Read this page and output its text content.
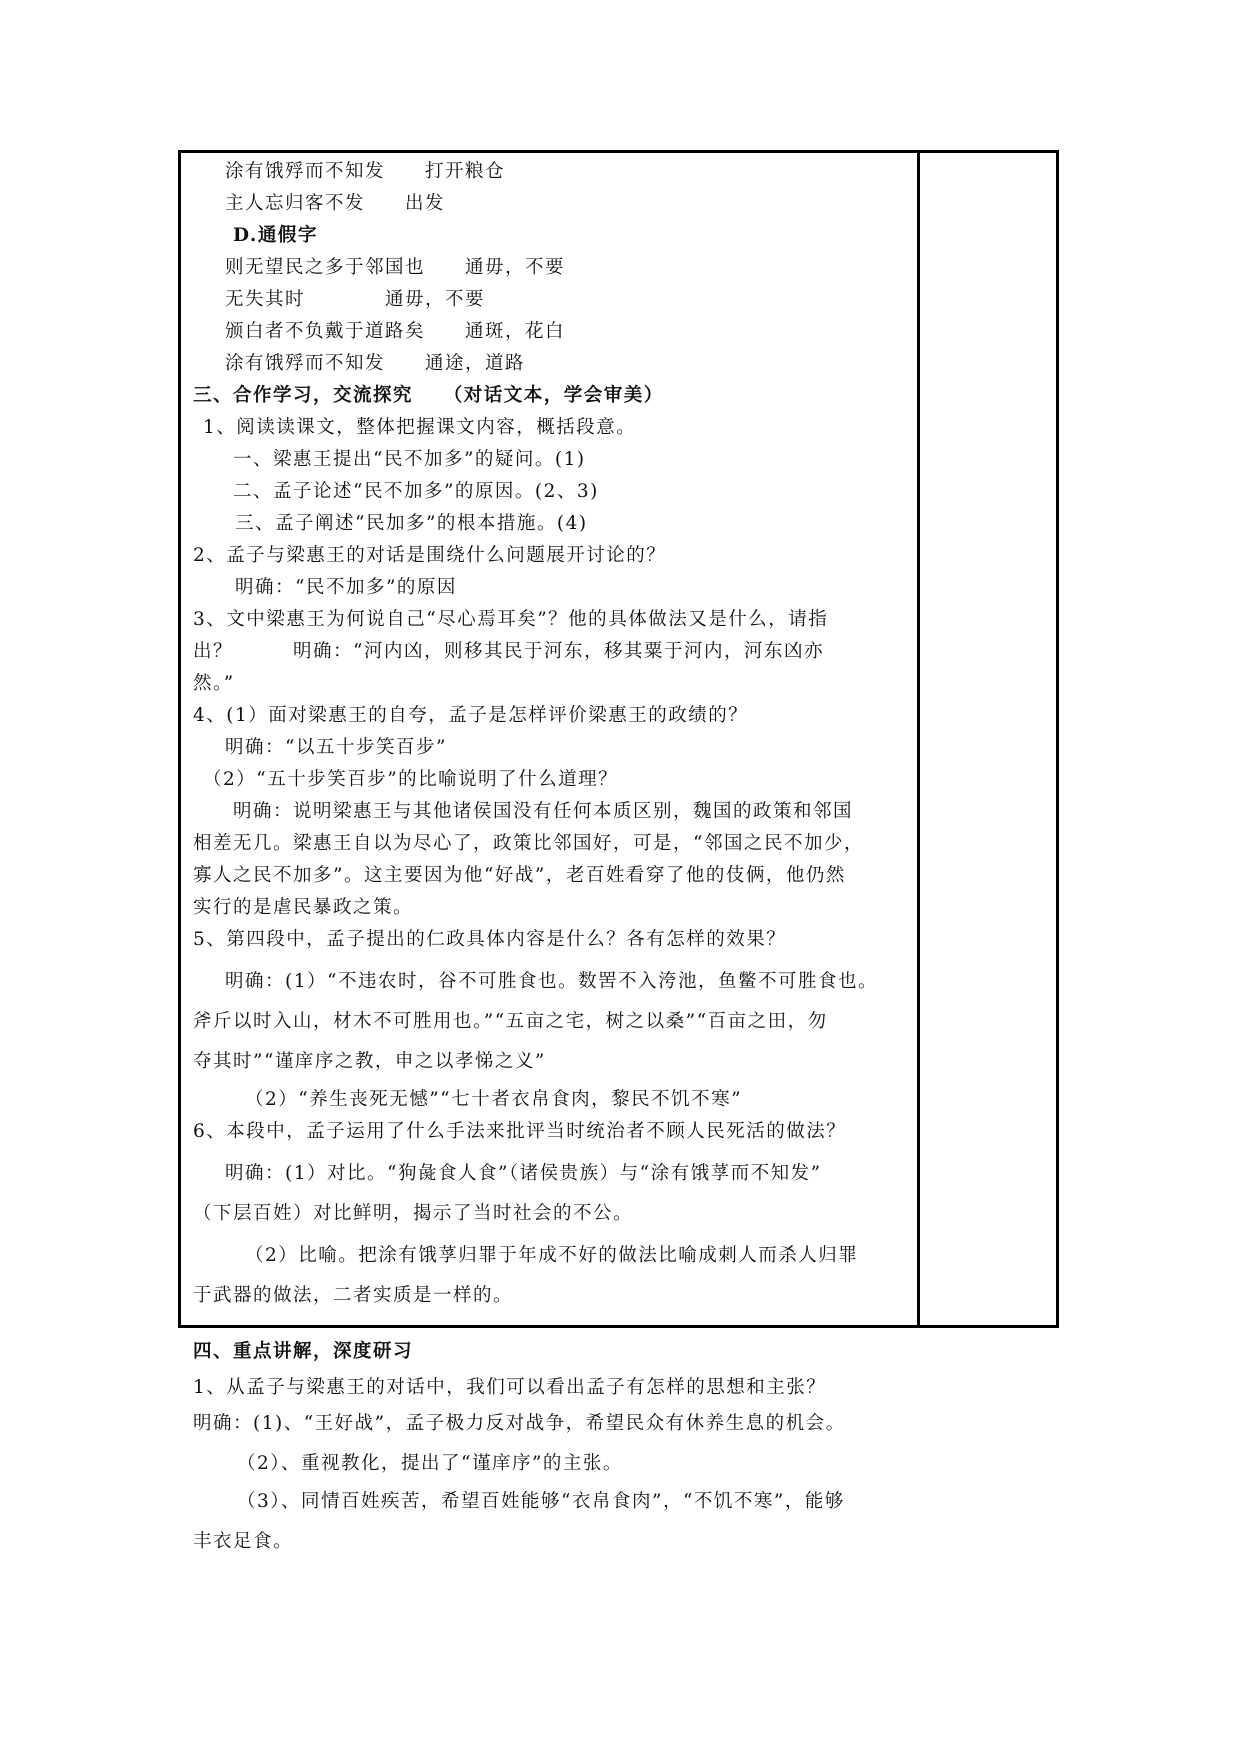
涂有饿殍而不知发　　打开粮仓
主人忘归客不发　　出发
D.通假字
则无望民之多于邻国也　　通毋，不要
无失其时　　　　通毋，不要
颁白者不负戴于道路矣　　通斑，花白
涂有饿殍而不知发　　通途，道路
三、合作学习，交流探究　　（对话文本，学会审美）
1、阅读读课文，整体把握课文内容，概括段意。
一、梁惠王提出“民不加多”的疑问。(1)
二、孟子论述“民不加多”的原因。(2、3)
三、孟子阐述“民加多”的根本措施。(4)
2、孟子与梁惠王的对话是围绕什么问题展开讨论的？
明确：“民不加多”的原因
3、文中梁惠王为何说自己“尽心焉耳矣”？他的具体做法又是什么，请指
出？　　　明确：“河内凶，则移其民于河东，移其粟于河内，河东凶亦
然。”
4、(1）面对梁惠王的自夸，孟子是怎样评价梁惠王的政绩的？
明确：“以五十步笑百步”
（2）“五十步笑百步”的比喻说明了什么道理？
明确：说明梁惠王与其他诸侯国没有任何本质区别，魏国的政策和邻国
相差无几。梁惠王自以为尽心了，政策比邻国好，可是，“邻国之民不加少，
寡人之民不加多”。这主要因为他“好战”，老百姓看穿了他的伎俩，他仍然
实行的是虐民暴政之策。
5、第四段中，孟子提出的仁政具体内容是什么？各有怎样的效果？
明确：(1）“不违农时，谷不可胜食也。数罟不入洿池，鱼鳖不可胜食也。
斧斤以时入山，材木不可胜用也。”“五亩之宅，树之以桑”“百亩之田，勿
夺其时”“谨庠序之教，申之以孝悌之义”
（2）“养生丧死无憾”“七十者衣帛食肉，黎民不饥不寒”
6、本段中，孟子运用了什么手法来批评当时统治者不顾人民死活的做法？
明确：(1）对比。“狗彘食人食”（诸侯贵族）与“涂有饿莩而不知发”
（下层百姓）对比鲜明，揭示了当时社会的不公。
（2）比喻。把涂有饿莩归罪于年成不好的做法比喻成刺人而杀人归罪
于武器的做法，二者实质是一样的。
四、重点讲解，深度研习
1、从孟子与梁惠王的对话中，我们可以看出孟子有怎样的思想和主张？
明确：(1)、“王好战”，孟子极力反对战争，希望民众有休养生息的机会。
（2）、重视教化，提出了“谨庠序”的主张。
（3）、同情百姓疾苦，希望百姓能够“衣帛食肉”，“不饥不寒”，能够
丰衣足食。
